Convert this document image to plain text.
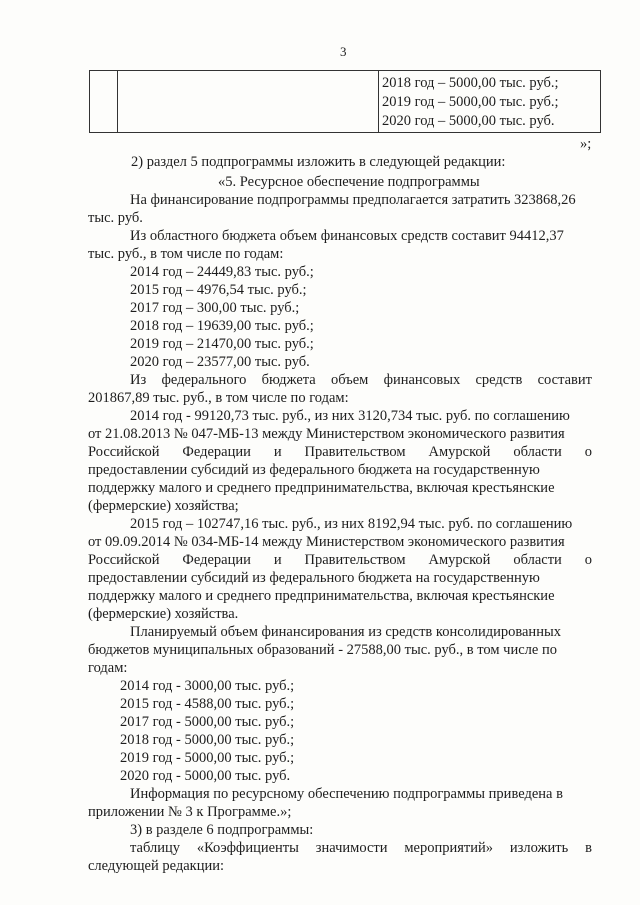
3
2018 год – 5000,00 тыс. руб.;
2019 год – 5000,00 тыс. руб.;
2020 год – 5000,00 тыс. руб.
»;
2) раздел 5 подпрограммы изложить в следующей редакции:
«5. Ресурсное обеспечение подпрограммы
На финансирование подпрограммы предполагается затратить 323868,26
тыс. руб.
Из областного бюджета объем финансовых средств составит 94412,37
тыс. руб., в том числе по годам:
2014 год – 24449,83 тыс. руб.;
2015 год – 4976,54 тыс. руб.;
2017 год – 300,00 тыс. руб.;
2018 год – 19639,00 тыс. руб.;
2019 год – 21470,00 тыс. руб.;
2020 год – 23577,00 тыс. руб.
Из федерального бюджета объем финансовых средств составит
201867,89 тыс. руб., в том числе по годам:
2014 год - 99120,73 тыс. руб., из них 3120,734 тыс. руб. по соглашению
от 21.08.2013 № 047-МБ-13 между Министерством экономического развития
Российской Федерации и Правительством Амурской области о
предоставлении субсидий из федерального бюджета на государственную
поддержку малого и среднего предпринимательства, включая крестьянские
(фермерские) хозяйства;
2015 год – 102747,16 тыс. руб., из них 8192,94 тыс. руб. по соглашению
от 09.09.2014 № 034-МБ-14 между Министерством экономического развития
Российской Федерации и Правительством Амурской области о
предоставлении субсидий из федерального бюджета на государственную
поддержку малого и среднего предпринимательства, включая крестьянские
(фермерские) хозяйства.
Планируемый объем финансирования из средств консолидированных
бюджетов муниципальных образований - 27588,00 тыс. руб., в том числе по
годам:
2014 год - 3000,00 тыс. руб.;
2015 год - 4588,00 тыс. руб.;
2017 год - 5000,00 тыс. руб.;
2018 год - 5000,00 тыс. руб.;
2019 год - 5000,00 тыс. руб.;
2020 год - 5000,00 тыс. руб.
Информация по ресурсному обеспечению подпрограммы приведена в
приложении № 3 к Программе.»;
3) в разделе 6 подпрограммы:
таблицу «Коэффициенты значимости мероприятий» изложить в
следующей редакции:
